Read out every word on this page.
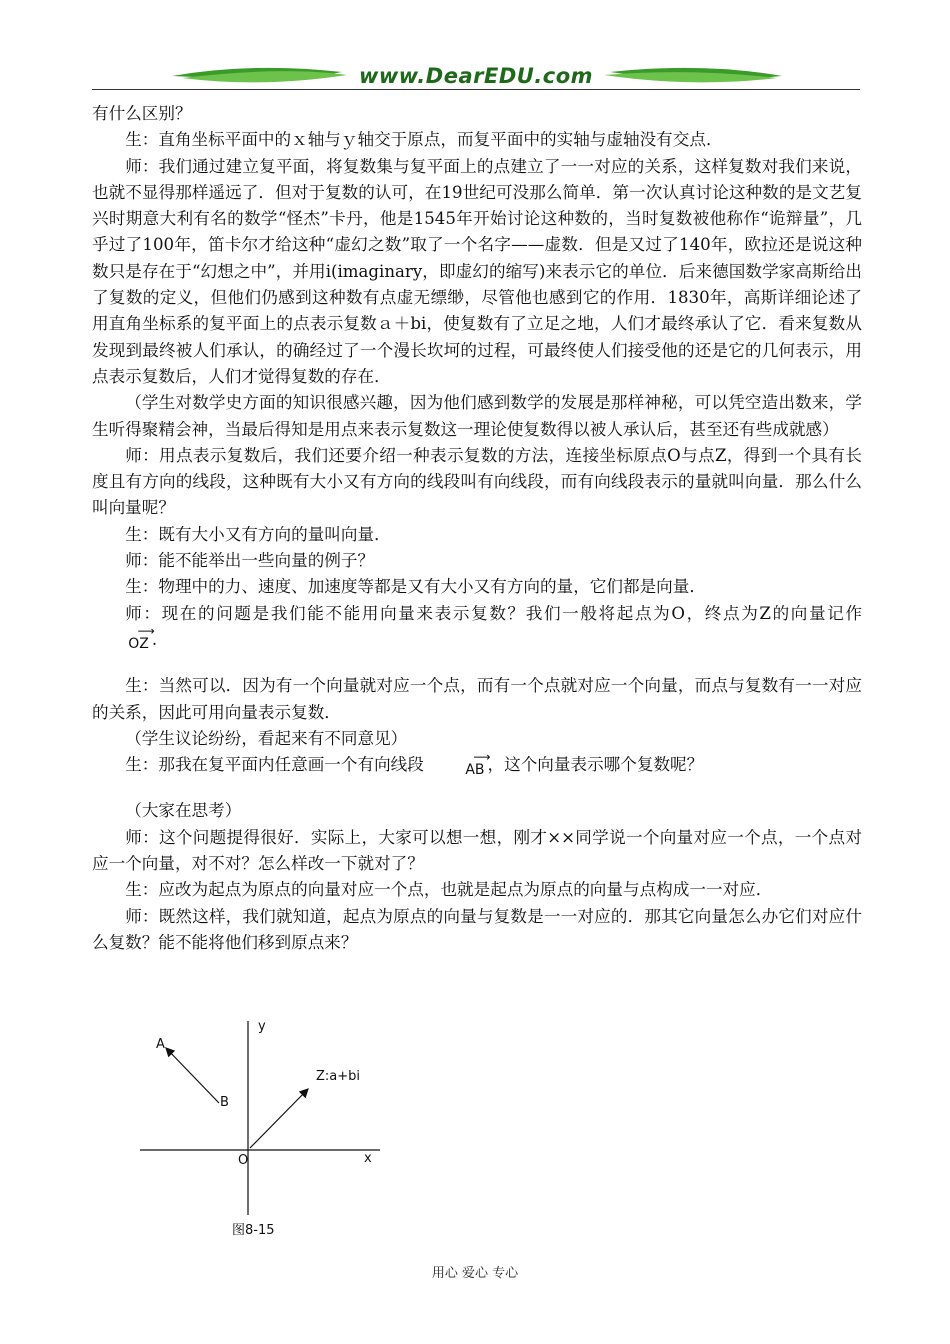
www.DearEDU.com

有什么区别？

生：直角坐标平面中的ｘ轴与ｙ轴交于原点，而复平面中的实轴与虚轴没有交点．

师：我们通过建立复平面，将复数集与复平面上的点建立了一一对应的关系，这样复数对我们来说，也就不显得那样遥远了．但对于复数的认可，在19世纪可没那么简单．第一次认真讨论这种数的是文艺复兴时期意大利有名的数学“怪杰”卡丹，他是1545年开始讨论这种数的，当时复数被他称作“诡辩量”，几乎过了100年，笛卡尔才给这种“虚幻之数”取了一个名字——虚数．但是又过了140年，欧拉还是说这种数只是存在于“幻想之中”，并用i(imaginary，即虚幻的缩写)来表示它的单位．后来德国数学家高斯给出了复数的定义，但他们仍感到这种数有点虚无缥缈，尽管他也感到它的作用．1830年，高斯详细论述了用直角坐标系的复平面上的点表示复数ａ＋bi，使复数有了立足之地，人们才最终承认了它．看来复数从发现到最终被人们承认，的确经过了一个漫长坎坷的过程，可最终使人们接受他的还是它的几何表示，用点表示复数后，人们才觉得复数的存在．

（学生对数学史方面的知识很感兴趣，因为他们感到数学的发展是那样神秘，可以凭空造出数来，学生听得聚精会神，当最后得知是用点来表示复数这一理论使复数得以被人承认后，甚至还有些成就感）

师：用点表示复数后，我们还要介绍一种表示复数的方法，连接坐标原点O与点Z，得到一个具有长度且有方向的线段，这种既有大小又有方向的线段叫有向线段，而有向线段表示的量就叫向量．那么什么叫向量呢？

生：既有大小又有方向的量叫向量．

师：能不能举出一些向量的例子？

生：物理中的力、速度、加速度等都是又有大小又有方向的量，它们都是向量．

师：现在的问题是我们能不能用向量来表示复数？我们一般将起点为O，终点为Z的向量记作
⟶
OZ .

生：当然可以．因为有一个向量就对应一个点，而有一个点就对应一个向量，而点与复数有一一对应的关系，因此可用向量表示复数．

（学生议论纷纷，看起来有不同意见）

生：那我在复平面内任意画一个有向线段	⟶
AB ，这个向量表示哪个复数呢？

（大家在思考）

师：这个问题提得很好．实际上，大家可以想一想，刚才××同学说一个向量对应一个点，一个点对应一个向量，对不对？怎么样改一下就对了？

生：应改为起点为原点的向量对应一个点，也就是起点为原点的向量与点构成一一对应．

师：既然这样，我们就知道，起点为原点的向量与复数是一一对应的．那其它向量怎么办它们对应什么复数？能不能将他们移到原点来？

y
x
O
A
B
Z:a+bi
图8-15
用心 爱心 专心
